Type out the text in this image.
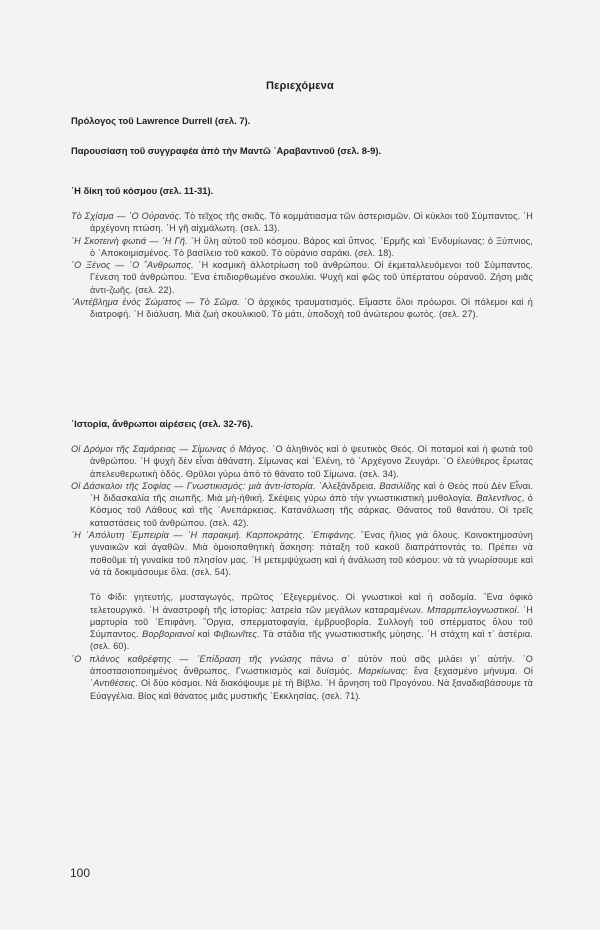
Περιεχόμενα
Πρόλογος τοῦ Lawrence Durrell (σελ. 7).
Παρουσίαση τοῦ συγγραφέα ἀπὸ τὴν Μαντῶ ᾿Αραβαντινοῦ (σελ. 8-9).
῾Η δίκη τοῦ κόσμου (σελ. 11-31).
Τὸ Σχίσμα — ῾Ο Οὐρανός. Τὸ τεῖχος τῆς σκιᾶς. Τὸ κομμάτιασμα τῶν ἀστερισμῶν. Οἱ κύκλοι τοῦ Σύμπαντος. ῾Η ἀρχέγονη πτώση. ῾Η γῆ αἰχμάλωτη. (σελ. 13).
῾Η Σκοτεινὴ φωτιά — ῾Η Γῆ. ῾Η ὕλη αὐτοῦ τοῦ κόσμου. Βάρος καὶ ὕπνος. ῾Ερμῆς καὶ ᾿Ενδυμίωνας: ὁ Ξύπνιος, ὁ ᾿Αποκοιμισμένος. Τὸ βασίλειο τοῦ κακοῦ. Τὸ οὐράνιο σαράκι. (σελ. 18).
῾Ο Ξένος — ῾Ο ῎Ανθρωπος. ῾Η κοσμικὴ ἀλλοτρίωση τοῦ ἀνθρώπου. Οἱ ἐκμεταλλευόμενοι τοῦ Σύμπαντος. Γένεση τοῦ ἀνθρώπου. ῞Ενα ἐπιδιορθωμένο σκουλίκι. Ψυχὴ καὶ φῶς τοῦ ὑπέρτατου οὐρανοῦ. Ζήση μιᾶς ἀντι-ζωῆς. (σελ. 22).
᾿Αντέβλημα ἑνὸς Σώματος — Τὸ Σῶμα. ῾Ο ἀρχικὸς τραυματισμός. Εἴμαστε ὅλοι πρόωροι. Οἱ πόλεμοι καὶ ἡ διατροφή. ῾Η διάλυση. Μιὰ ζωὴ σκουλικιοῦ. Τὸ μάτι, ὑποδοχὴ τοῦ ἀνώτερου φωτός. (σελ. 27).
᾿Ιστορία, ἄνθρωποι αἱρέσεις (σελ. 32-76).
Οἱ Δρόμοι τῆς Σαμάρειας — Σίμωνας ὁ Μάγος. ῾Ο ἀληθινὸς καὶ ὁ ψευτικὸς Θεός. Οἱ ποταμοὶ καὶ ἡ φωτιὰ τοῦ ἀνθρώπου. ῾Η ψυχὴ δὲν εἶναι ἀθάνατη. Σίμωνας καὶ ῾Ελένη, τὸ ᾿Αρχέγονο Ζευγάρι. ῾Ο ἐλεύθερος ἔρωτας ἀπελευθερωτικὴ ὁδός. Θρῦλοι γύρω ἀπὸ τὸ θάνατο τοῦ Σίμωνα. (σελ. 34).
Οἱ Δάσκαλοι τῆς Σοφίας — Γνωστικισμός: μιὰ ἀντι-ἱστορία. ᾿Αλεξάνδρεια. Βασιλίδης καὶ ὁ Θεὸς ποὺ Δὲν Εἶναι. ῾Η διδασκαλία τῆς σιωπῆς. Μιὰ μὴ-ἠθική. Σκέψεις γύρω ἀπὸ τὴν γνωστικιστικὴ μυθολογία. Βαλεντῖνος, ὁ Κόσμος τοῦ Λάθους καὶ τῆς ᾿Ανεπάρκειας. Κατανάλωση τῆς σάρκας. Θάνατος τοῦ θανάτου. Οἱ τρεῖς καταστάσεις τοῦ ἀνθρώπου. (σελ. 42).
῾Η ᾿Απόλυτη ᾿Εμπειρία — ῾Η παρακμή. Καρποκράτης. ᾿Επιφάνης. ῞Ενας ἥλιος γιὰ ὅλους. Κοινοκτημοσύνη γυναικῶν καὶ ἀγαθῶν. Μιὰ ὁμοιοπαθητικὴ ἄσκηση: πάταξη τοῦ κακοῦ διαπράττοντάς το. Πρέπει νὰ ποθοῦμε τὴ γυναίκα τοῦ πλησίον μας. ῾Η μετεμψύχωση καὶ ἡ ἀνάλωση τοῦ κόσμου: νὰ τὰ γνωρίσουμε καὶ νὰ τὰ δοκιμάσουμε ὅλα. (σελ. 54).
Τὸ Φίδι: γητευτής, μυσταγωγός, πρῶτος ᾿Εξεγερμένος. Οἱ γνωστικοὶ καὶ ἡ σοδομία. ῞Ενα ὀφικὸ τελετουργικό. ῾Η ἀναστροφὴ τῆς ἱστορίας: λατρεία τῶν μεγάλων καταραμένων. Μπαρμπελογνωστικοί. ῾Η μαρτυρία τοῦ ᾿Επιφάνη. ῎Οργια, σπερματοφαγία, ἐμβρυοβορία. Συλλογὴ τοῦ σπέρματος ὅλου τοῦ Σύμπαντος. Βορβοριανοί καὶ Φιβιωνῖτες. Τὰ στάδια τῆς γνωστικιστικῆς μύησης. ῾Η στάχτη καὶ τ᾿ ἀστέρια. (σελ. 60).
῾Ο πλάνος καθρέφτης — ᾿Επίδραση τῆς γνώσης πάνω σ᾿ αὐτὸν ποὺ σᾶς μιλάει γι᾿ αὐτήν. ῾Ο ἀποστασιοποιημένος ἄνθρωπος. Γνωστικισμὸς καὶ δυϊσμός. Μαρκίωνας: ἕνα ξεχασμένο μήνυμα. Οἱ ᾿Αντιθέσεις. Οἱ δύο κόσμοι. Νὰ διακόψουμε μὲ τὴ Βίβλο. ῾Η ἄρνηση τοῦ Προγόνου. Νὰ ξαναδιαβάσουμε τὰ Εὐαγγέλια. Βίος καὶ θάνατος μιᾶς μυστικῆς ᾿Εκκλησίας. (σελ. 71).
100
